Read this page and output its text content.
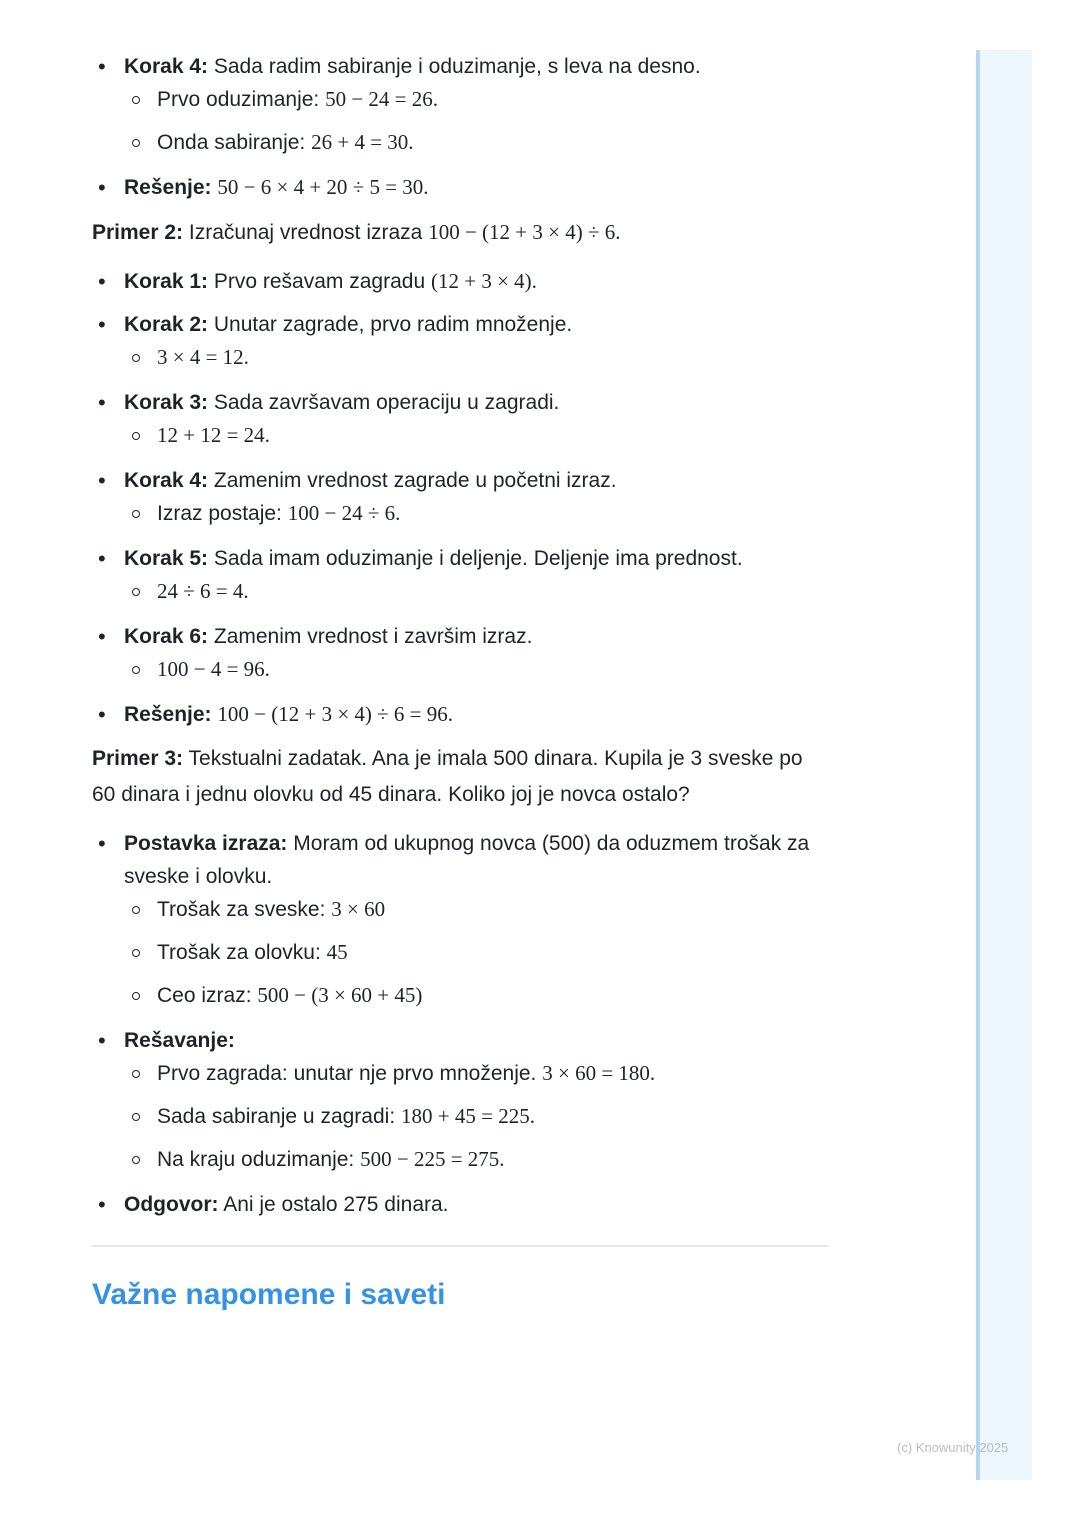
• Korak 4: Sada radim sabiranje i oduzimanje, s leva na desno.
Prvo oduzimanje: 50 − 24 = 26.
Onda sabiranje: 26 + 4 = 30.
• Rešenje: 50 − 6 × 4 + 20 ÷ 5 = 30.

Primer 2: Izračunaj vrednost izraza 100 − (12 + 3 × 4) ÷ 6.

• Korak 1: Prvo rešavam zagradu (12 + 3 × 4).
• Korak 2: Unutar zagrade, prvo radim množenje.
3 × 4 = 12.
• Korak 3: Sada završavam operaciju u zagradi.
12 + 12 = 24.
• Korak 4: Zamenim vrednost zagrade u početni izraz.
Izraz postaje: 100 − 24 ÷ 6.
• Korak 5: Sada imam oduzimanje i deljenje. Deljenje ima prednost.
24 ÷ 6 = 4.
• Korak 6: Zamenim vrednost i završim izraz.
100 − 4 = 96.
• Rešenje: 100 − (12 + 3 × 4) ÷ 6 = 96.

Primer 3: Tekstualni zadatak. Ana je imala 500 dinara. Kupila je 3 sveske po 60 dinara i jednu olovku od 45 dinara. Koliko joj je novca ostalo?

• Postavka izraza: Moram od ukupnog novca (500) da oduzmem trošak za sveske i olovku.
Trošak za sveske: 3 × 60
Trošak za olovku: 45
Ceo izraz: 500 − (3 × 60 + 45)
• Rešavanje:
Prvo zagrada: unutar nje prvo množenje. 3 × 60 = 180.
Sada sabiranje u zagradi: 180 + 45 = 225.
Na kraju oduzimanje: 500 − 225 = 275.
• Odgovor: Ani je ostalo 275 dinara.
Važne napomene i saveti
(c) Knowunity 2025
